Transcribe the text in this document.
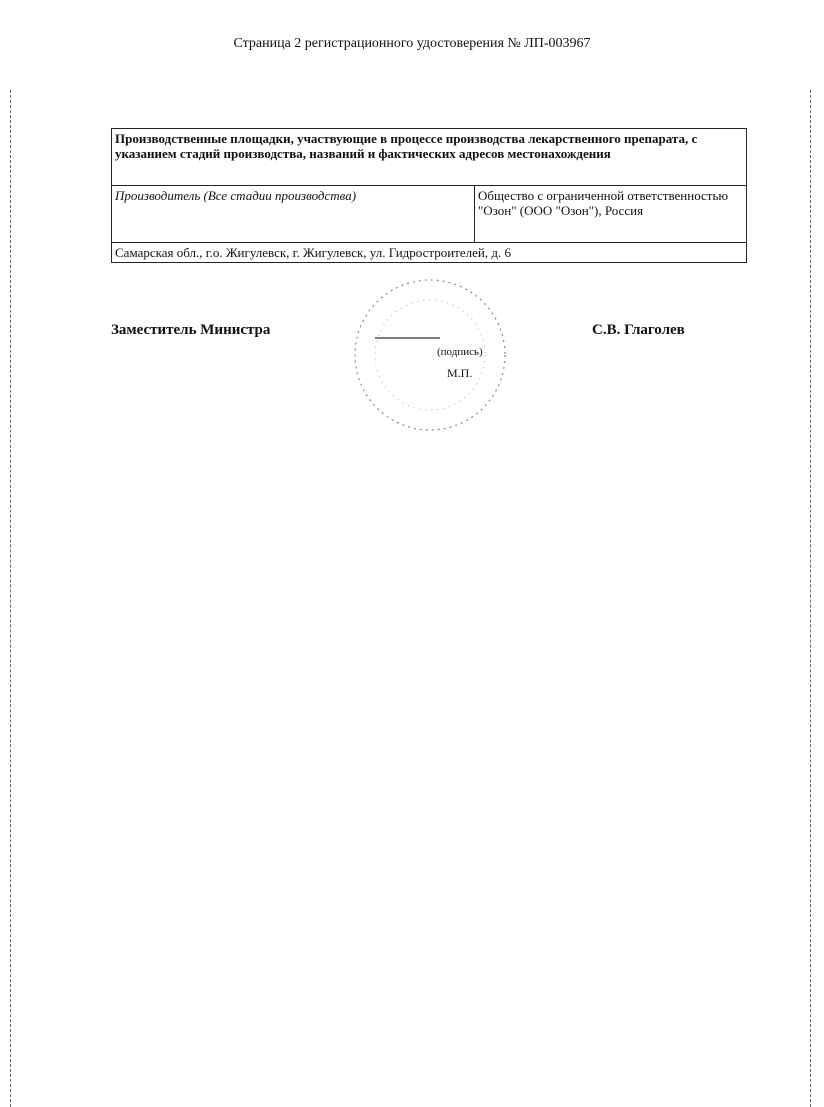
Страница 2 регистрационного удостоверения № ЛП-003967
Производственные площадки, участвующие в процессе производства лекарственного препарата, с указанием стадий производства, названий и фактических адресов местонахождения
Производитель (Все стадии производства)	Общество с ограниченной ответственностью "Озон" (ООО "Озон"), Россия
Самарская обл., г.о. Жигулевск, г. Жигулевск, ул. Гидростроителей, д. 6
Заместитель Министра
(подпись)
М.П.
С.В. Глаголев
